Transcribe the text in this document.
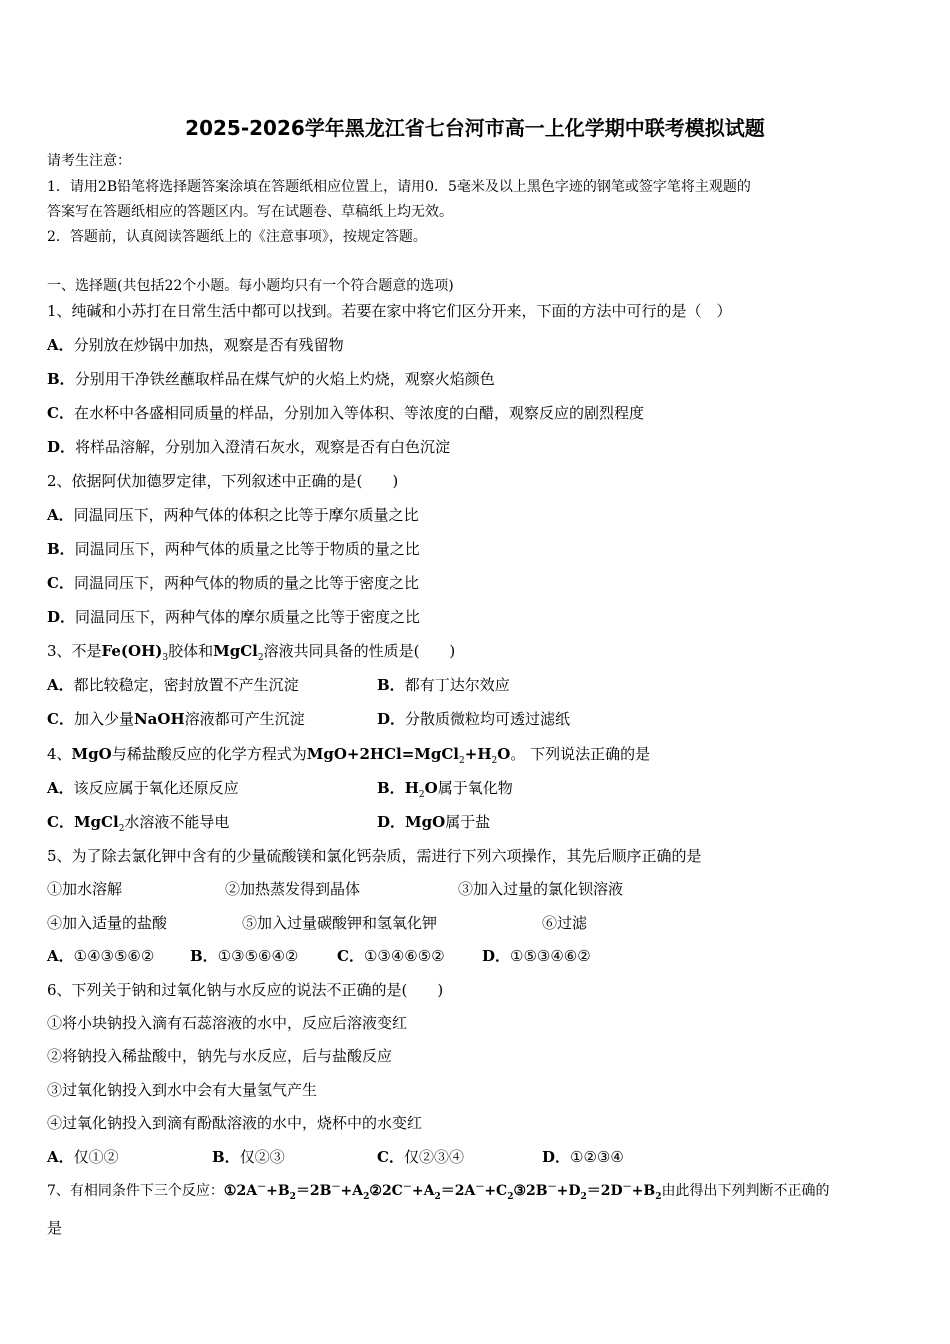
2025-2026学年黑龙江省七台河市高一上化学期中联考模拟试题
请考生注意：
1．请用2B铅笔将选择题答案涂填在答题纸相应位置上，请用0．5毫米及以上黑色字迹的钢笔或签字笔将主观题的
答案写在答题纸相应的答题区内。写在试题卷、草稿纸上均无效。
2．答题前，认真阅读答题纸上的《注意事项》，按规定答题。
一、选择题(共包括22个小题。每小题均只有一个符合题意的选项)
1、纯碱和小苏打在日常生活中都可以找到。若要在家中将它们区分开来，下面的方法中可行的是（　）
A．分别放在炒锅中加热，观察是否有残留物
B．分别用干净铁丝蘸取样品在煤气炉的火焰上灼烧，观察火焰颜色
C．在水杯中各盛相同质量的样品，分别加入等体积、等浓度的白醋，观察反应的剧烈程度
D．将样品溶解，分别加入澄清石灰水，观察是否有白色沉淀
2、依据阿伏加德罗定律，下列叙述中正确的是(　　)
A．同温同压下，两种气体的体积之比等于摩尔质量之比
B．同温同压下，两种气体的质量之比等于物质的量之比
C．同温同压下，两种气体的物质的量之比等于密度之比
D．同温同压下，两种气体的摩尔质量之比等于密度之比
3、不是$Fe(OH)_3$胶体和MgCl$_2$溶液共同具备的性质是(　　)
A．都比较稳定，密封放置不产生沉淀	B．都有丁达尔效应
C．加入少量NaOH溶液都可产生沉淀	D．分散质微粒均可透过滤纸
4、MgO与稀盐酸反应的化学方程式为$MgO+2HCl=MgCl_2+H_2O$。 下列说法正确的是
A．该反应属于氧化还原反应	B．$H_2O$属于氧化物
C．MgCl$_2$水溶液不能导电	D．MgO属于盐
5、为了除去氯化钾中含有的少量硫酸镁和氯化钙杂质，需进行下列六项操作，其先后顺序正确的是
①加水溶解	②加热蒸发得到晶体	③加入过量的氯化钡溶液
④加入适量的盐酸	⑤加入过量碳酸钾和氢氧化钾	⑥过滤
A．①④③⑤⑥② B．①③⑤⑥④②	C．①③④⑥⑤② D．①⑤③④⑥②
6、下列关于钠和过氧化钠与水反应的说法不正确的是(　　)
①将小块钠投入滴有石蕊溶液的水中，反应后溶液变红
②将钠投入稀盐酸中，钠先与水反应，后与盐酸反应
③过氧化钠投入到水中会有大量氢气产生
④过氧化钠投入到滴有酚酞溶液的水中，烧杯中的水变红
A．仅①②	B．仅②③	C．仅②③④	D．①②③④
7、有相同条件下三个反应：$①2A^-+B_2=2B^-+A_2②2C^-+A_2=2A^-+C_2③2B^-+D_2=2D^-+B_2$由此得出下列判断不正确的
是
